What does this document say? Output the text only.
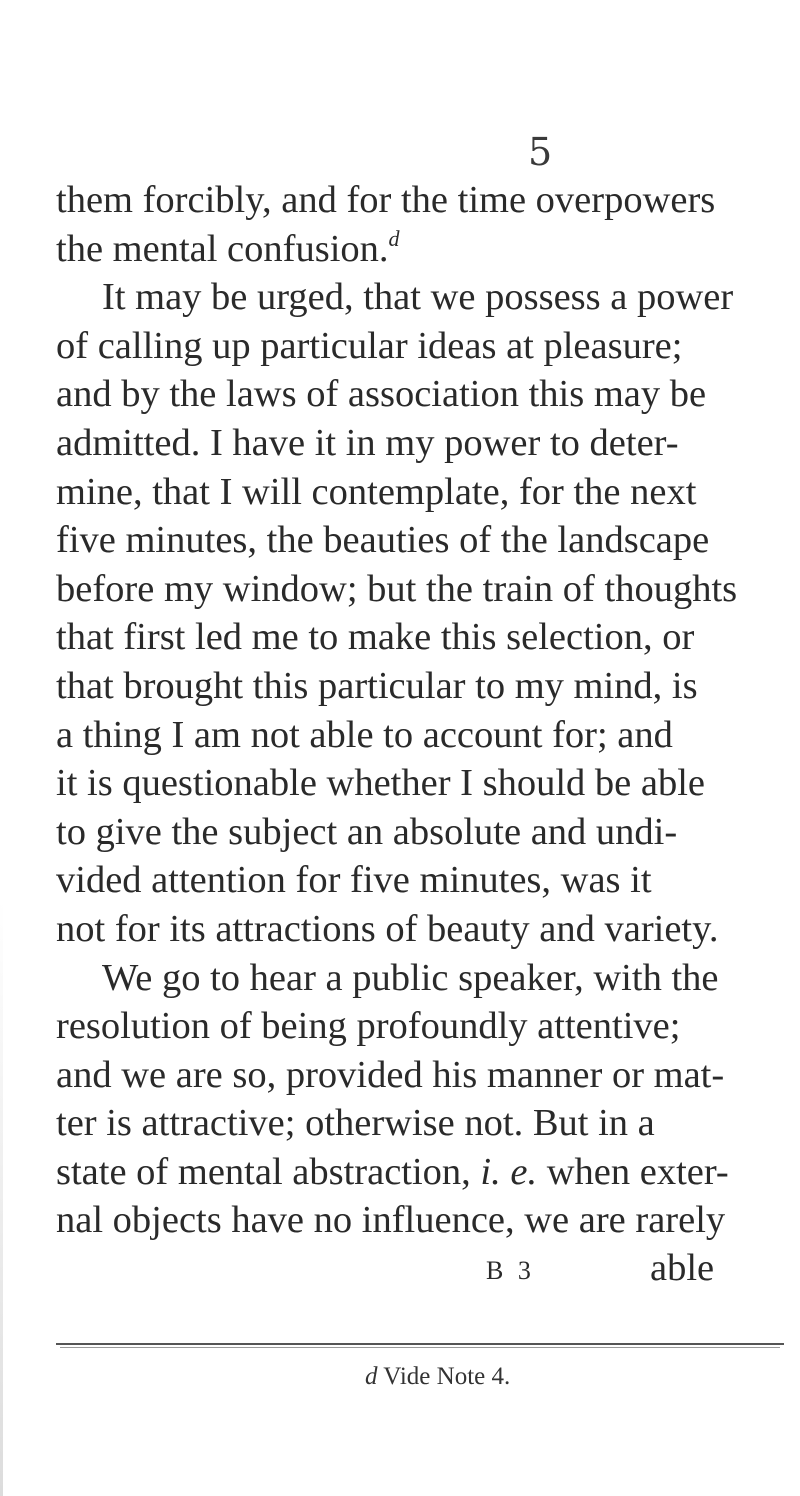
5
them forcibly, and for the time overpowers
the mental confusion.$^d$
It may be urged, that we possess a power
of calling up particular ideas at pleasure;
and by the laws of association this may be
admitted. I have it in my power to deter-
mine, that I will contemplate, for the next
five minutes, the beauties of the landscape
before my window; but the train of thoughts
that first led me to make this selection, or
that brought this particular to my mind, is
a thing I am not able to account for; and
it is questionable whether I should be able
to give the subject an absolute and undi-
vided attention for five minutes, was it
not for its attractions of beauty and variety.
We go to hear a public speaker, with the
resolution of being profoundly attentive;
and we are so, provided his manner or mat-
ter is attractive; otherwise not. But in a
state of mental abstraction, i. e. when exter-
nal objects have no influence, we are rarely
B 3	able
d Vide Note 4.
